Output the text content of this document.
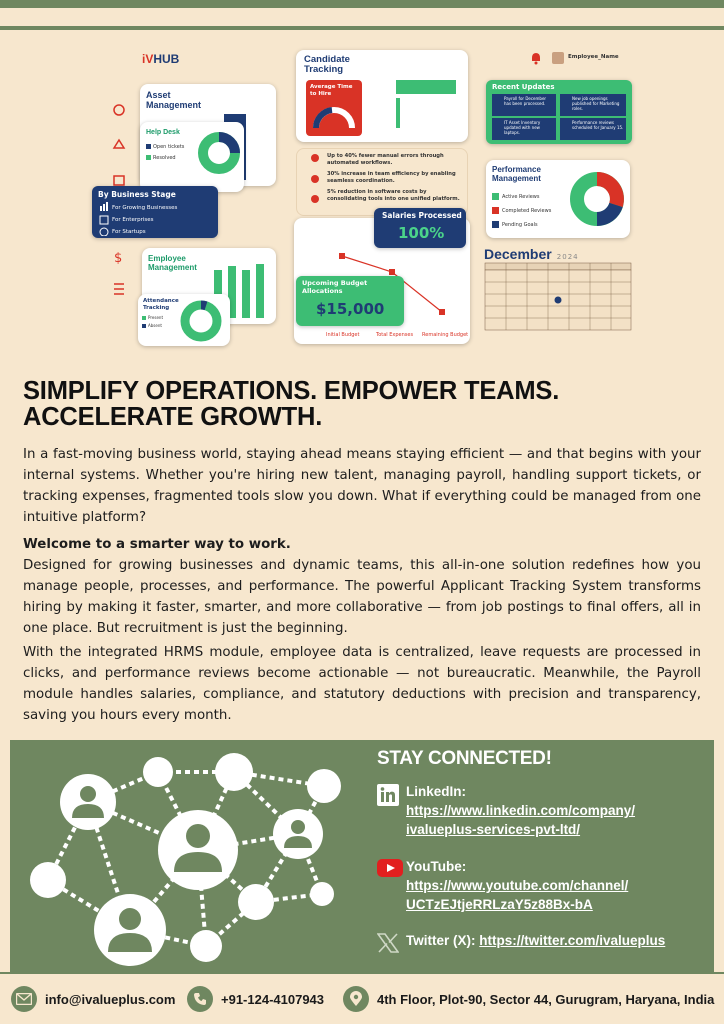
iVHUB
$
Asset Management
Help Desk
Open tickets
Resolved
By Business Stage
For Growing Businesses
For Enterprises
For Startups
Candidate Tracking
Average Time to Hire
Up to 40% fewer manual errors through automated workflows.
30% increase in team efficiency by enabling seamless coordination.
5% reduction in software costs by consolidating tools into one unified platform.
Initial Budget	Total Expenses Remaining Budget
Salaries Processed
100%
Upcoming Budget Allocations
$15,000
Employee Management
Attendance Tracking
Present
Absent
Employee_Name
Recent Updates
Payroll for December has been processed.
New job openings published for Marketing roles.
IT Asset Inventory updated with new laptops.
Performance reviews scheduled for January 15.
Performance Management
Active Reviews
Completed Reviews
Pending Goals
December 2024
SIMPLIFY OPERATIONS. EMPOWER TEAMS. ACCELERATE GROWTH.
In a fast-moving business world, staying ahead means staying efficient — and that begins with your internal systems. Whether you're hiring new talent, managing payroll, handling support tickets, or tracking expenses, fragmented tools slow you down. What if everything could be managed from one intuitive platform?
Welcome to a smarter way to work.
Designed for growing businesses and dynamic teams, this all-in-one solution redefines how you manage people, processes, and performance. The powerful Applicant Tracking System transforms hiring by making it faster, smarter, and more collaborative — from job postings to final offers, all in one place. But recruitment is just the beginning.
With the integrated HRMS module, employee data is centralized, leave requests are processed in clicks, and performance reviews become actionable — not bureaucratic. Meanwhile, the Payroll module handles salaries, compliance, and statutory deductions with precision and transparency, saving you hours every month.
STAY CONNECTED!
LinkedIn:
https://www.linkedin.com/company/
ivalueplus-services-pvt-ltd/
YouTube:
https://www.youtube.com/channel/
UCTzEJtjeRRLzaY5z88Bx-bA
Twitter (X): https://twitter.com/ivalueplus
info@ivalueplus.com	+91-124-4107943	4th Floor, Plot-90, Sector 44, Gurugram, Haryana, India
